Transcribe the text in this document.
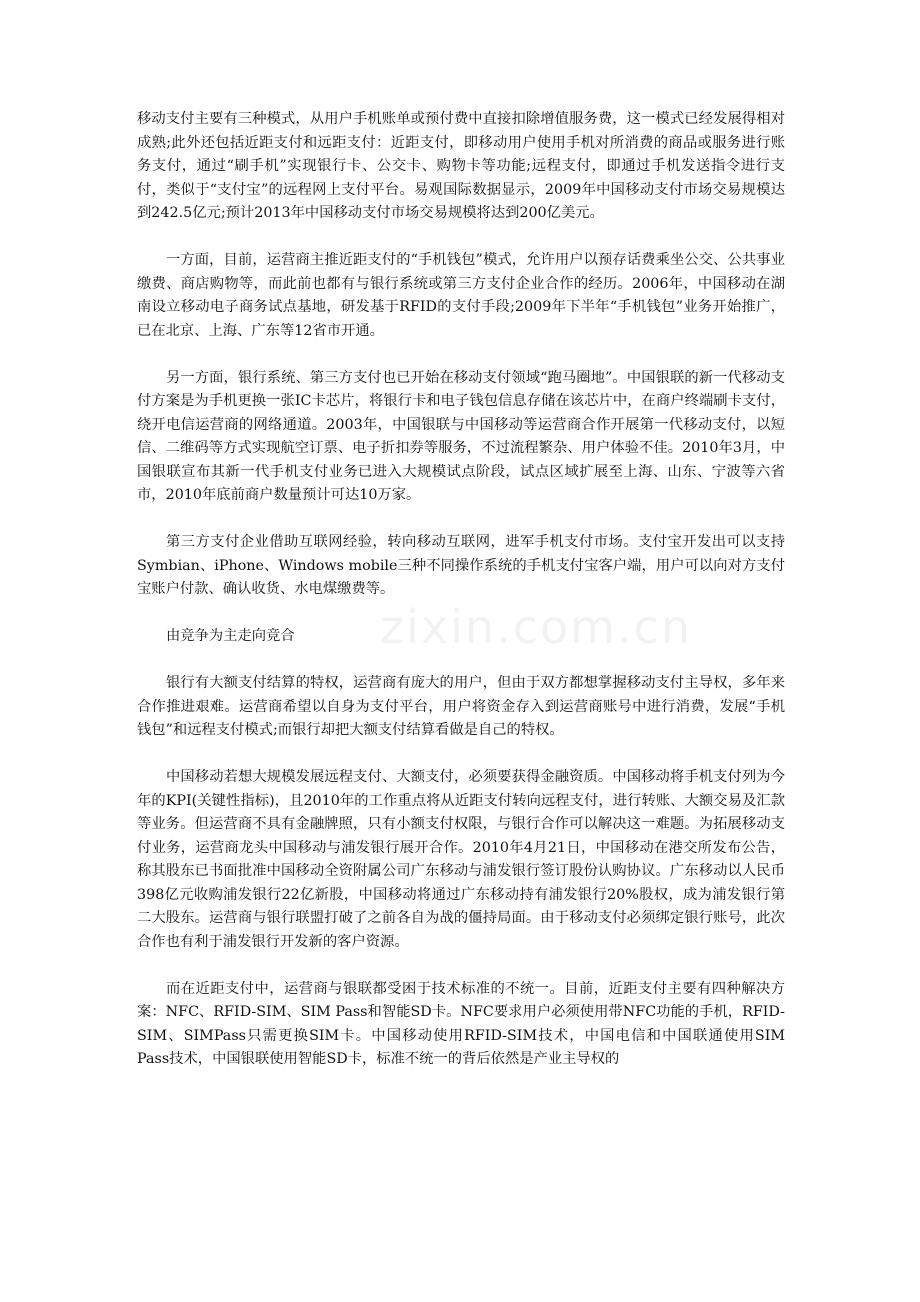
移动支付主要有三种模式，从用户手机账单或预付费中直接扣除增值服务费，这一模式已经发展得相对成熟;此外还包括近距支付和远距支付：近距支付，即移动用户使用手机对所消费的商品或服务进行账务支付，通过“刷手机”实现银行卡、公交卡、购物卡等功能;远程支付，即通过手机发送指令进行支付，类似于“支付宝”的远程网上支付平台。易观国际数据显示，2009年中国移动支付市场交易规模达到242.5亿元;预计2013年中国移动支付市场交易规模将达到200亿美元。

一方面，目前，运营商主推近距支付的“手机钱包”模式，允许用户以预存话费乘坐公交、公共事业缴费、商店购物等，而此前也都有与银行系统或第三方支付企业合作的经历。2006年，中国移动在湖南设立移动电子商务试点基地，研发基于RFID的支付手段;2009年下半年“手机钱包”业务开始推广，已在北京、上海、广东等12省市开通。

另一方面，银行系统、第三方支付也已开始在移动支付领域“跑马圈地”。中国银联的新一代移动支付方案是为手机更换一张IC卡芯片，将银行卡和电子钱包信息存储在该芯片中，在商户终端刷卡支付，绕开电信运营商的网络通道。2003年，中国银联与中国移动等运营商合作开展第一代移动支付，以短信、二维码等方式实现航空订票、电子折扣券等服务，不过流程繁杂、用户体验不佳。2010年3月，中国银联宣布其新一代手机支付业务已进入大规模试点阶段，试点区域扩展至上海、山东、宁波等六省市，2010年底前商户数量预计可达10万家。

第三方支付企业借助互联网经验，转向移动互联网，进军手机支付市场。支付宝开发出可以支持Symbian、iPhone、Windows mobile三种不同操作系统的手机支付宝客户端，用户可以向对方支付宝账户付款、确认收货、水电煤缴费等。

由竞争为主走向竞合

银行有大额支付结算的特权，运营商有庞大的用户，但由于双方都想掌握移动支付主导权，多年来合作推进艰难。运营商希望以自身为支付平台，用户将资金存入到运营商账号中进行消费，发展“手机钱包”和远程支付模式;而银行却把大额支付结算看做是自己的特权。

中国移动若想大规模发展远程支付、大额支付，必须要获得金融资质。中国移动将手机支付列为今年的KPI(关键性指标)，且2010年的工作重点将从近距支付转向远程支付，进行转账、大额交易及汇款等业务。但运营商不具有金融牌照，只有小额支付权限，与银行合作可以解决这一难题。为拓展移动支付业务，运营商龙头中国移动与浦发银行展开合作。2010年4月21日，中国移动在港交所发布公告，称其股东已书面批准中国移动全资附属公司广东移动与浦发银行签订股份认购协议。广东移动以人民币398亿元收购浦发银行22亿新股，中国移动将通过广东移动持有浦发银行20%股权，成为浦发银行第二大股东。运营商与银行联盟打破了之前各自为战的僵持局面。由于移动支付必须绑定银行账号，此次合作也有利于浦发银行开发新的客户资源。

而在近距支付中，运营商与银联都受困于技术标准的不统一。目前，近距支付主要有四种解决方案：NFC、RFID-SIM、SIM Pass和智能SD卡。NFC要求用户必须使用带NFC功能的手机，RFID-SIM、SIMPass只需更换SIM卡。中国移动使用RFID-SIM技术，中国电信和中国联通使用SIM Pass技术，中国银联使用智能SD卡，标准不统一的背后依然是产业主导权的

zixin.com.cn
